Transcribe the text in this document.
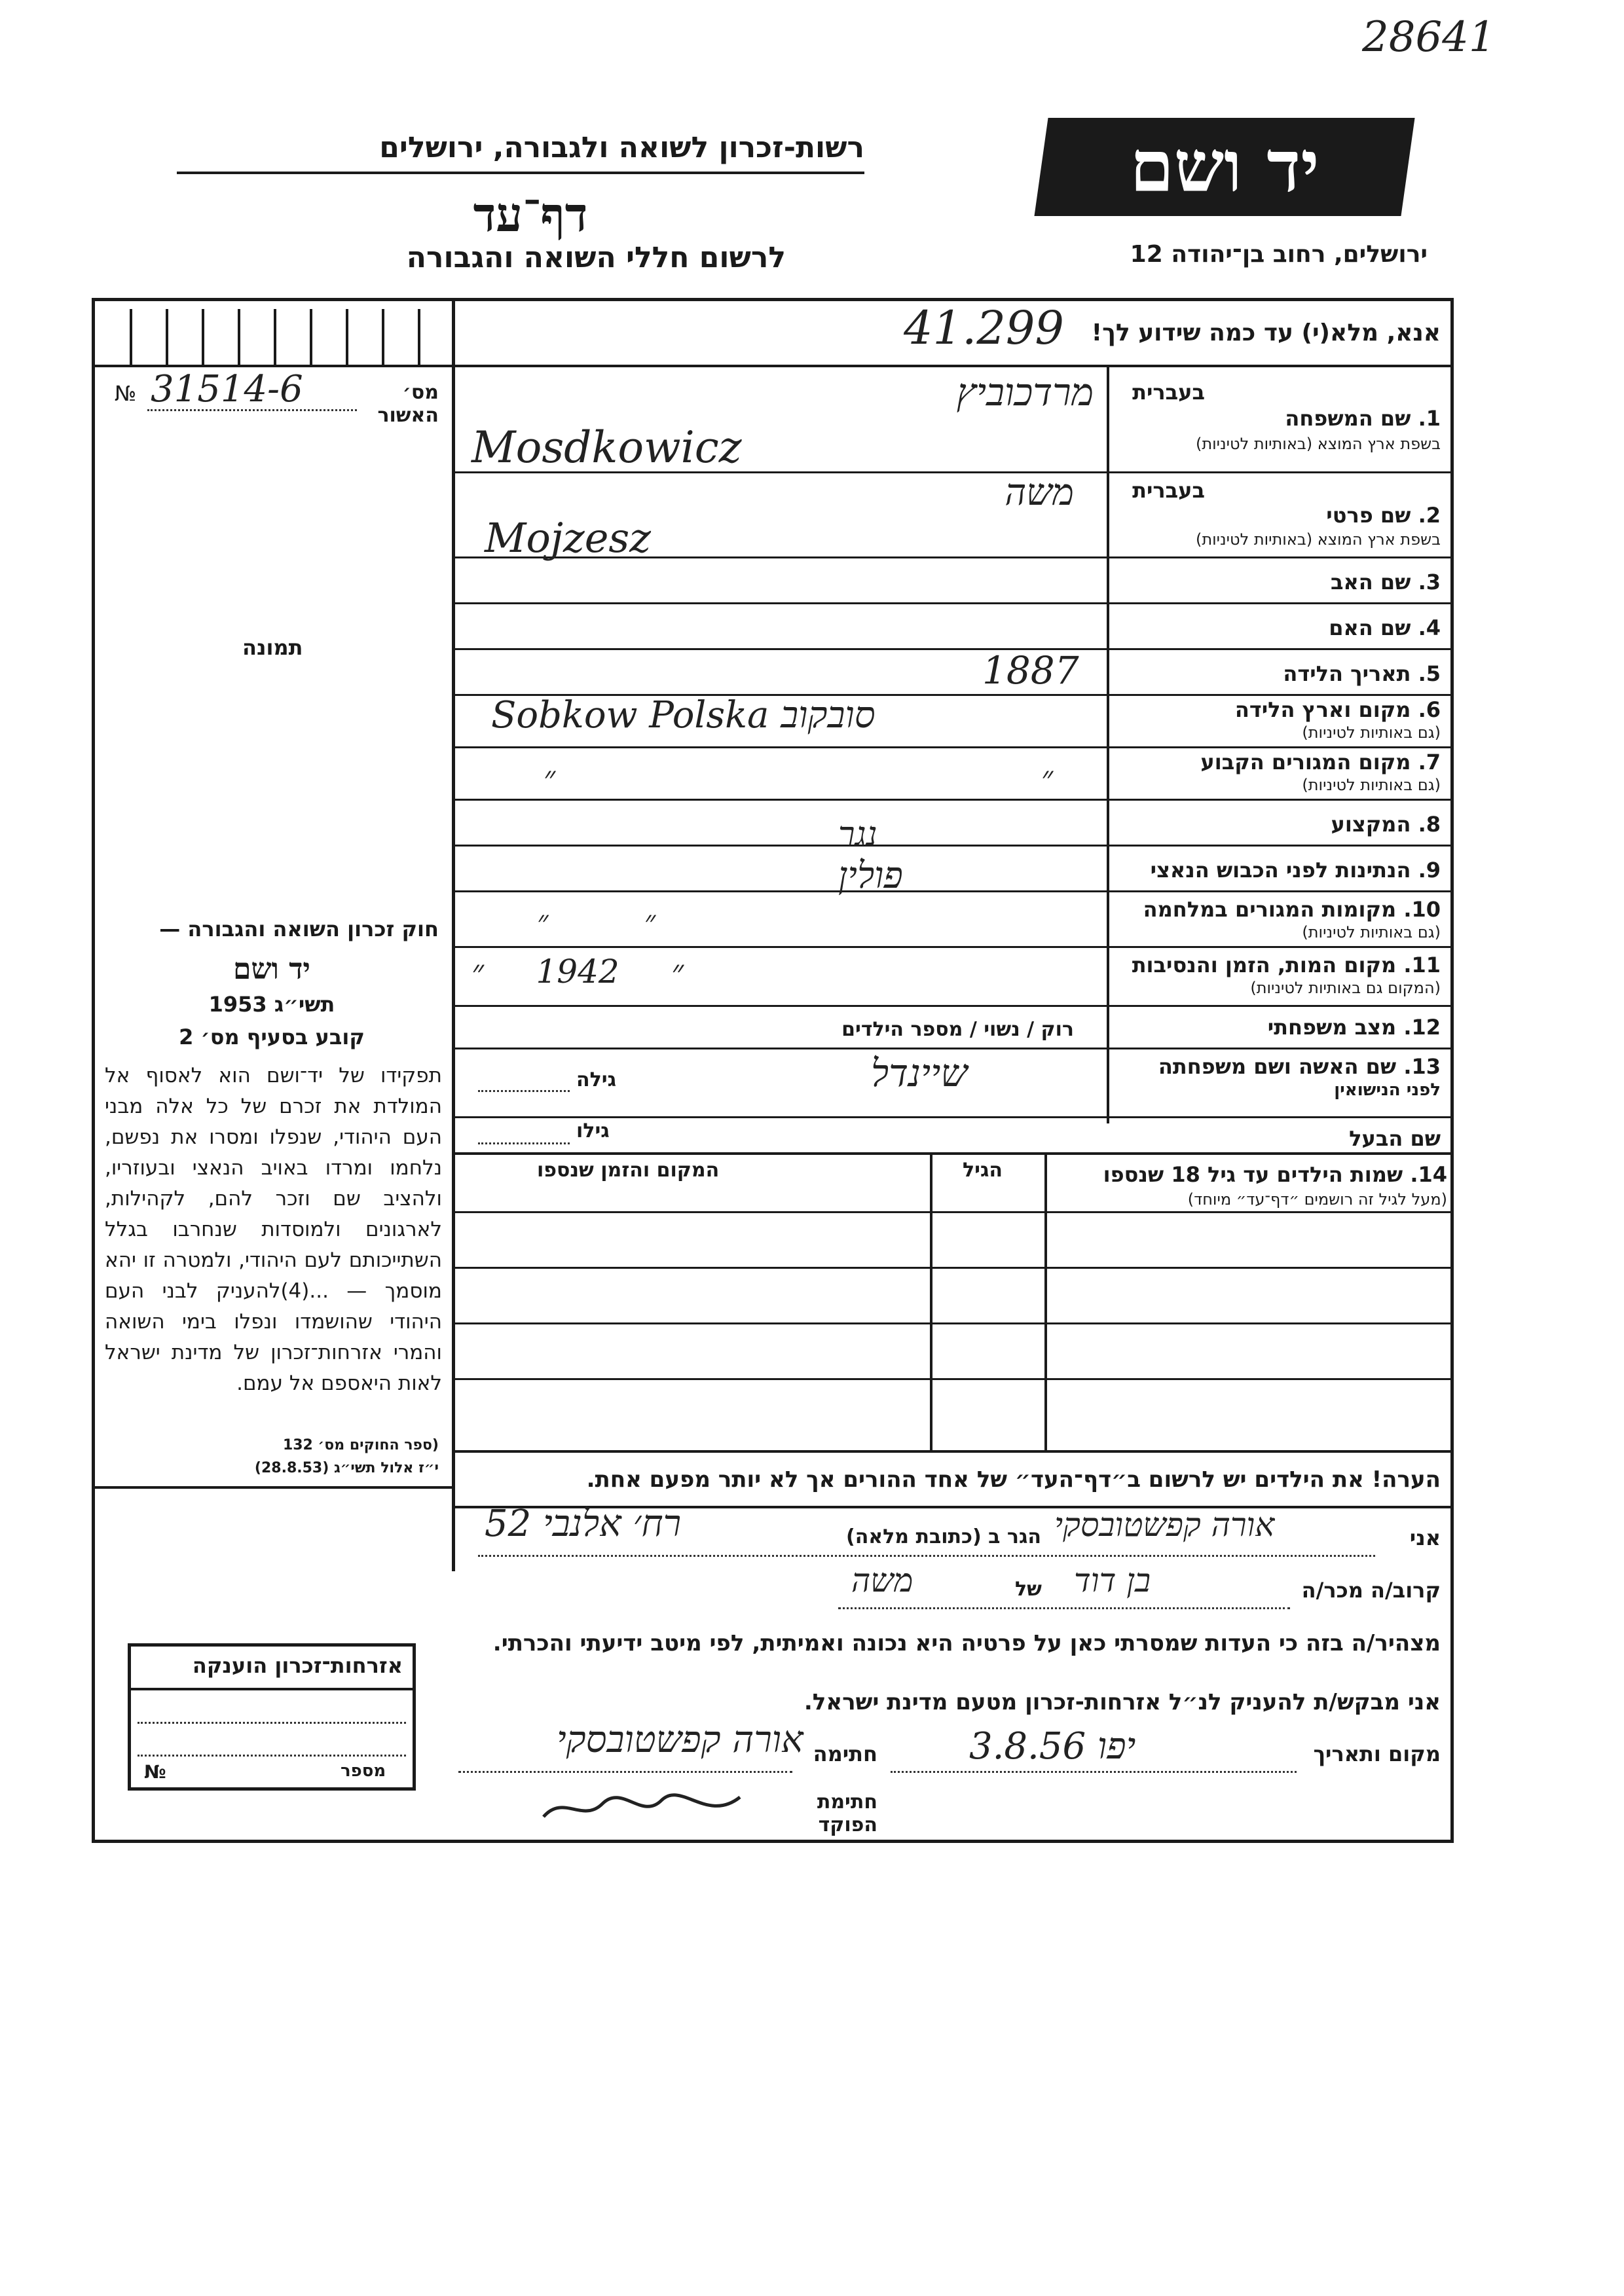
28641
יד ושם
רשות-זכרון לשואה ולגבורה, ירושלים
דף־עד
לרשום חללי השואה והגבורה	ירושלים, רחוב בן־יהודה 12
אנא, מלא(י) עד כמה שידוע לך!
41.299
מס׳ האשור
31514-6
№
תמונה
בעברית
1. שם המשפחה
בשפת ארץ המוצא (באותיות לטיניות)
מרדכוביץ
Mosdkowicz
בעברית
2. שם פרטי
בשפת ארץ המוצא (באותיות לטיניות)
משה
Mojzesz
3. שם האב
4. שם האם
5. תאריך הלידה
1887
6. מקום וארץ הלידה
(גם באותיות לטיניות)
Sobkow Polska סובקוב
7. מקום המגורים הקבוע
(גם באותיות לטיניות)
״	״
8. המקצוע
נגר
9. הנתינות לפני הכבוש הנאצי
פולין
10. מקומות המגורים במלחמה
(גם באותיות לטיניות)
״          ״
11. מקום המות, הזמן והנסיבות
(המקום גם באותיות לטיניות)
״     1942     ״
12. מצב משפחתי
רוק / נשוי / מספר הילדים
13. שם האשה ושם משפחתה
לפני הנישואין
שיינדל
גילה
שם הבעל
גילו
14. שמות הילדים עד גיל 18 שנספו
(מעל לגיל זה רושמים ״דף־עד״ מיוחד)
הגיל
המקום והזמן שנספו
הערה! את הילדים יש לרשום ב״דף־העד״ של אחד ההורים אך לא יותר מפעם אחת.
חוק זכרון השואה והגבורה —
יד ושם
תשי״ג 1953
קובע בסעיף מס׳ 2
תפקידו של יד־ושם הוא לאסוף אל המולדת את זכרם של כל אלה מבני העם היהודי, שנפלו ומסרו את נפשם, נלחמו ומרדו באויב הנאצי ובעוזריו, ולהציב שם וזכר להם, לקהילות, לארגונים ולמוסדות שנחרבו בגלל השתייכותם לעם היהודי, ולמטרה זו יהא מוסמך — ...(4)להעניק לבני העם היהודי שהושמדו ונפלו בימי השואה והמרי אזרחות־זכרון של מדינת ישראל לאות היאספם אל עמם.
(ספר החוקים מס׳ 132
י״ז אלול תשי״ג (28.8.53)
אני
אורה קפשטובסקי
הגר ב (כתובת מלאה)
רח׳ אלנבי 52
קרוב/ה מכר/ה
בן דוד
של
משה
מצהיר/ה בזה כי העדות שמסרתי כאן על פרטיה היא נכונה ואמיתית, לפי מיטב ידיעתי והכרתי.
אני מבקש/ת להעניק לנ״ל אזרחות-זכרון מטעם מדינת ישראל.
מקום ותאריך
יפו 3.8.56
חתימה
אורה קפשטובסקי
חתימת הפוקד
אזרחות־זכרון הוענקה
מספר
№
